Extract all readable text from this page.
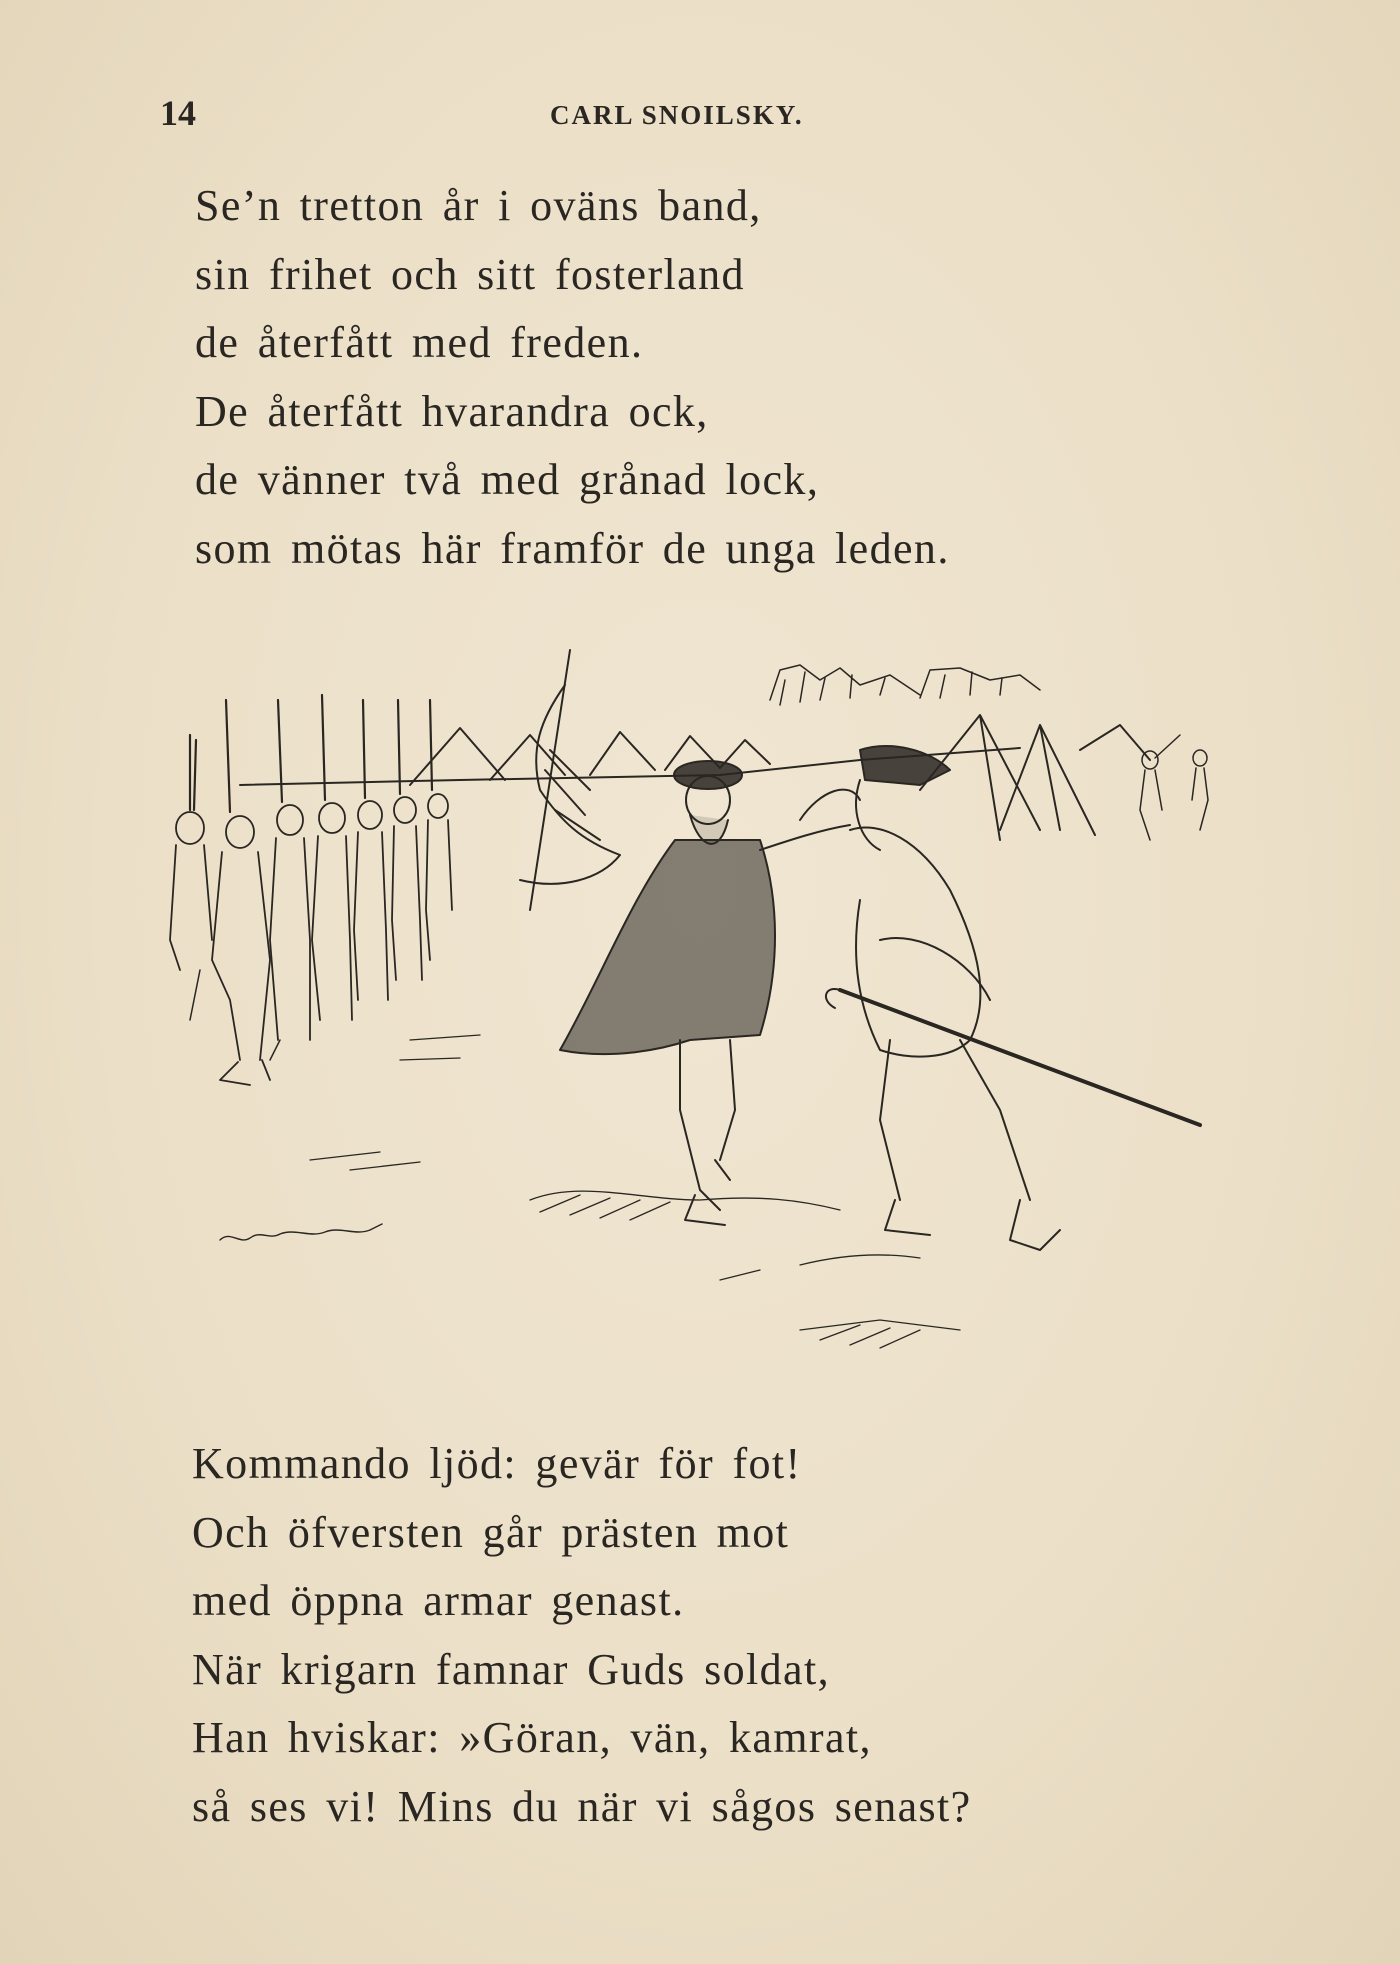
14	CARL SNOILSKY.
Se’n tretton år i oväns band,
sin frihet och sitt fosterland
de återfått med freden.
De återfått hvarandra ock,
de vänner två med grånad lock,
som mötas här framför de unga leden.
Kommando ljöd: gevär för fot!
Och öfversten går prästen mot
med öppna armar genast.
När krigarn famnar Guds soldat,
Han hviskar: »Göran, vän, kamrat,
så ses vi! Mins du när vi sågos senast?
